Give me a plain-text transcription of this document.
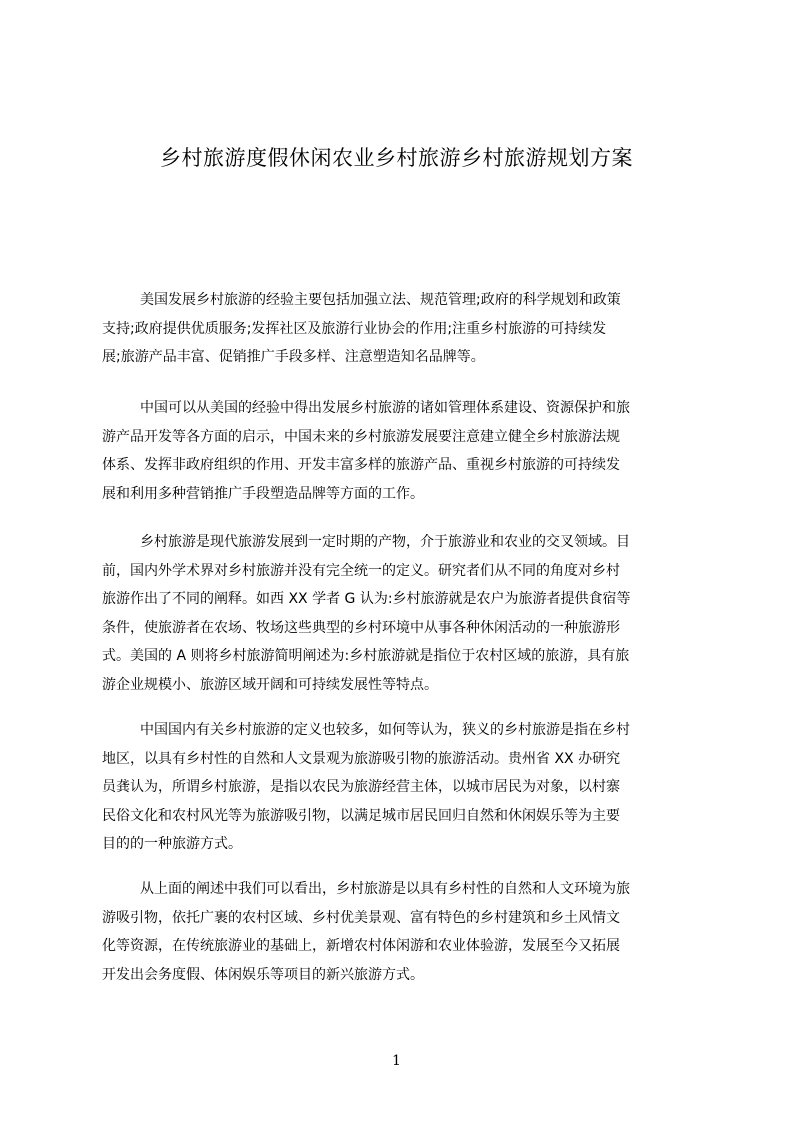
乡村旅游度假休闲农业乡村旅游乡村旅游规划方案
美国发展乡村旅游的经验主要包括加强立法、规范管理;政府的科学规划和政策
支持;政府提供优质服务;发挥社区及旅游行业协会的作用;注重乡村旅游的可持续发
展;旅游产品丰富、促销推广手段多样、注意塑造知名品牌等。
中国可以从美国的经验中得出发展乡村旅游的诸如管理体系建设、资源保护和旅
游产品开发等各方面的启示，中国未来的乡村旅游发展要注意建立健全乡村旅游法规
体系、发挥非政府组织的作用、开发丰富多样的旅游产品、重视乡村旅游的可持续发
展和利用多种营销推广手段塑造品牌等方面的工作。
乡村旅游是现代旅游发展到一定时期的产物，介于旅游业和农业的交叉领域。目
前，国内外学术界对乡村旅游并没有完全统一的定义。研究者们从不同的角度对乡村
旅游作出了不同的阐释。如西 XX 学者 G 认为:乡村旅游就是农户为旅游者提供食宿等
条件，使旅游者在农场、牧场这些典型的乡村环境中从事各种休闲活动的一种旅游形
式。美国的 A 则将乡村旅游简明阐述为:乡村旅游就是指位于农村区域的旅游，具有旅
游企业规模小、旅游区域开阔和可持续发展性等特点。
中国国内有关乡村旅游的定义也较多，如何等认为，狭义的乡村旅游是指在乡村
地区，以具有乡村性的自然和人文景观为旅游吸引物的旅游活动。贵州省 XX 办研究
员龚认为，所谓乡村旅游，是指以农民为旅游经营主体，以城市居民为对象，以村寨
民俗文化和农村风光等为旅游吸引物，以满足城市居民回归自然和休闲娱乐等为主要
目的的一种旅游方式。
从上面的阐述中我们可以看出，乡村旅游是以具有乡村性的自然和人文环境为旅
游吸引物，依托广裹的农村区域、乡村优美景观、富有特色的乡村建筑和乡土风情文
化等资源，在传统旅游业的基础上，新增农村体闲游和农业体验游，发展至今又拓展
开发出会务度假、体闲娱乐等项目的新兴旅游方式。
1
